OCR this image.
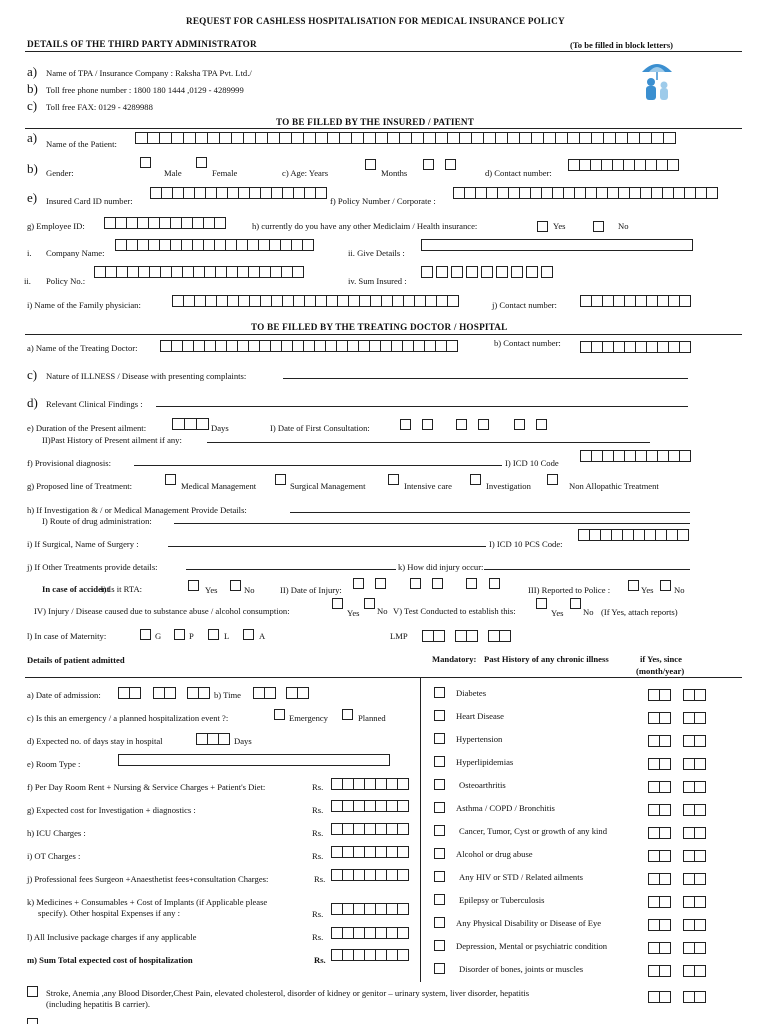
REQUEST FOR CASHLESS HOSPITALISATION FOR MEDICAL INSURANCE POLICY
DETAILS OF THE THIRD PARTY ADMINISTRATOR	(To be filled in block letters)
a) Name of TPA / Insurance Company : Raksha TPA Pvt. Ltd./
b) Toll free phone number : 1800 180 1444 ,0129 - 4289999
c) Toll free FAX: 0129 - 4289988
TO BE FILLED BY THE INSURED / PATIENT
a) Name of the Patient:
b) Gender:	Male	Female	c) Age: Years	Months	d) Contact number:
e) Insured Card ID number:	f) Policy Number / Corporate :
g) Employee ID:	h) currently do you have any other Mediclaim / Health insurance:	Yes	No
i. Company Name:	ii. Give Details :
ii. Policy No.:	iv. Sum Insured :
i) Name of the Family physician:	j) Contact number:
TO BE FILLED BY THE TREATING DOCTOR / HOSPITAL
a) Name of the Treating Doctor:	b) Contact number:
c) Nature of ILLNESS / Disease with presenting complaints:
d) Relevant Clinical Findings :
e) Duration of the Present ailment:	Days	I) Date of First Consultation:
II)Past History of Present ailment if any:
f) Provisional diagnosis:	I) ICD 10 Code
g) Proposed line of Treatment:	Medical Management	Surgical Management	Intensive care	Investigation	Non Allopathic Treatment
h) If Investigation & / or Medical Management Provide Details:
I) Route of drug administration:
i) If Surgical, Name of Surgery :	I) ICD 10 PCS Code:
j) If Other Treatments provide details:	k) How did injury occur:
In case of accident
: I) Is it RTA:	Yes	No	II) Date of Injury:	III) Reported to Police :	Yes No
IV) Injury / Disease caused due to substance abuse / alcohol consumption:	Yes No V) Test Conducted to establish this:	Yes No (If Yes, attach reports)
l) In case of Maternity:	G	P	L	A	LMP
Details of patient admitted
a) Date of admission:	b) Time
c) Is this an emergency / a planned hospitalization event ?:	Emergency	Planned
d) Expected no. of days stay in hospital	Days
e) Room Type :
f) Per Day Room Rent + Nursing & Service Charges + Patient's Diet:	Rs.
g) Expected cost for Investigation + diagnostics :	Rs.
h) ICU Charges :	Rs.
i) OT Charges :	Rs.
j) Professional fees Surgeon +Anaesthetist fees+consultation Charges:	Rs.
k) Medicines + Consumables + Cost of Implants (if Applicable please
specify). Other hospital Expenses if any :	Rs.
l) All Inclusive package charges if any applicable	Rs.
m) Sum Total expected cost of hospitalization	Rs.
Mandatory: Past History of any chronic illness	if Yes, since
(month/year)
Diabetes
Heart Disease
Hypertension
Hyperlipidemias
Osteoarthritis
Asthma / COPD / Bronchitis
Cancer, Tumor, Cyst or growth of any kind
Alcohol or drug abuse
Any HIV or STD / Related ailments
Epilepsy or Tuberculosis
Any Physical Disability or Disease of Eye
Depression, Mental or psychiatric condition
Disorder of bones, joints or muscles
Stroke, Anemia ,any Blood Disorder,Chest Pain, elevated cholesterol, disorder of kidney or genitor – urinary system, liver disorder, hepatitis
(including hepatitis B carrier).
